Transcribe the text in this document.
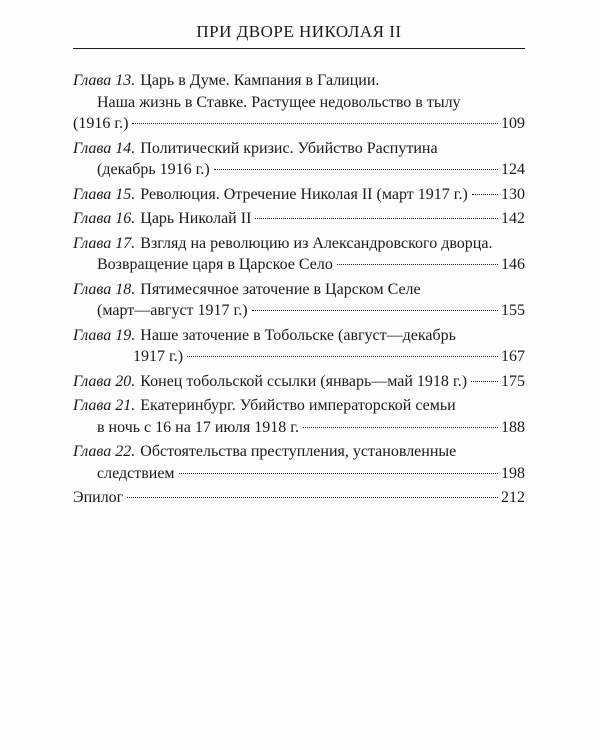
ПРИ ДВОРЕ НИКОЛАЯ II
Глава 13. Царь в Думе. Кампания в Галиции.
Наша жизнь в Ставке. Растущее недовольство в тылу
(1916 г.)	109
Глава 14. Политический кризис. Убийство Распутина
(декабрь 1916 г.)	124
Глава 15. Революция. Отречение Николая II (март 1917 г.) 130
Глава 16. Царь Николай II	142
Глава 17. Взгляд на революцию из Александровского дворца.
Возвращение царя в Царское Село	146
Глава 18. Пятимесячное заточение в Царском Селе
(март—август 1917 г.)	155
Глава 19. Наше заточение в Тобольске (август—декабрь
1917 г.)	167
Глава 20. Конец тобольской ссылки (январь—май 1918 г.) 175
Глава 21. Екатеринбург. Убийство императорской семьи
в ночь с 16 на 17 июля 1918 г.	188
Глава 22. Обстоятельства преступления, установленные
следствием	198
Эпилог	212
